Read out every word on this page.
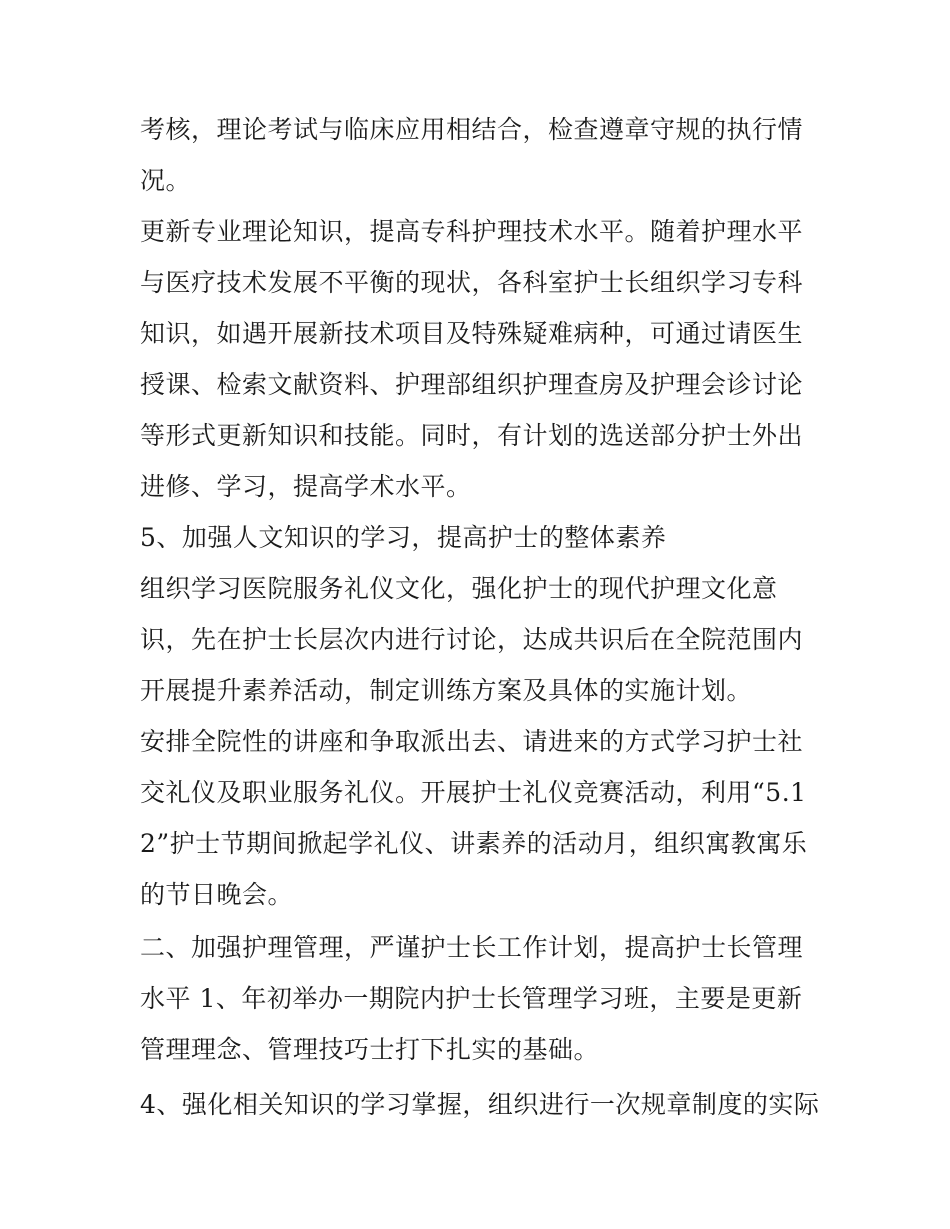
考核，理论考试与临床应用相结合，检查遵章守规的执行情况。

更新专业理论知识，提高专科护理技术水平。随着护理水平与医疗技术发展不平衡的现状，各科室护士长组织学习专科知识，如遇开展新技术项目及特殊疑难病种，可通过请医生授课、检索文献资料、护理部组织护理查房及护理会诊讨论等形式更新知识和技能。同时，有计划的选送部分护士外出进修、学习，提高学术水平。

5、加强人文知识的学习，提高护士的整体素养

组织学习医院服务礼仪文化，强化护士的现代护理文化意识，先在护士长层次内进行讨论，达成共识后在全院范围内开展提升素养活动，制定训练方案及具体的实施计划。

安排全院性的讲座和争取派出去、请进来的方式学习护士社交礼仪及职业服务礼仪。开展护士礼仪竞赛活动，利用“5.12”护士节期间掀起学礼仪、讲素养的活动月，组织寓教寓乐的节日晚会。

二、加强护理管理，严谨护士长工作计划，提高护士长管理水平 1、年初举办一期院内护士长管理学习班，主要是更新管理理念、管理技巧士打下扎实的基础。

4、强化相关知识的学习掌握，组织进行一次规章制度的实际
